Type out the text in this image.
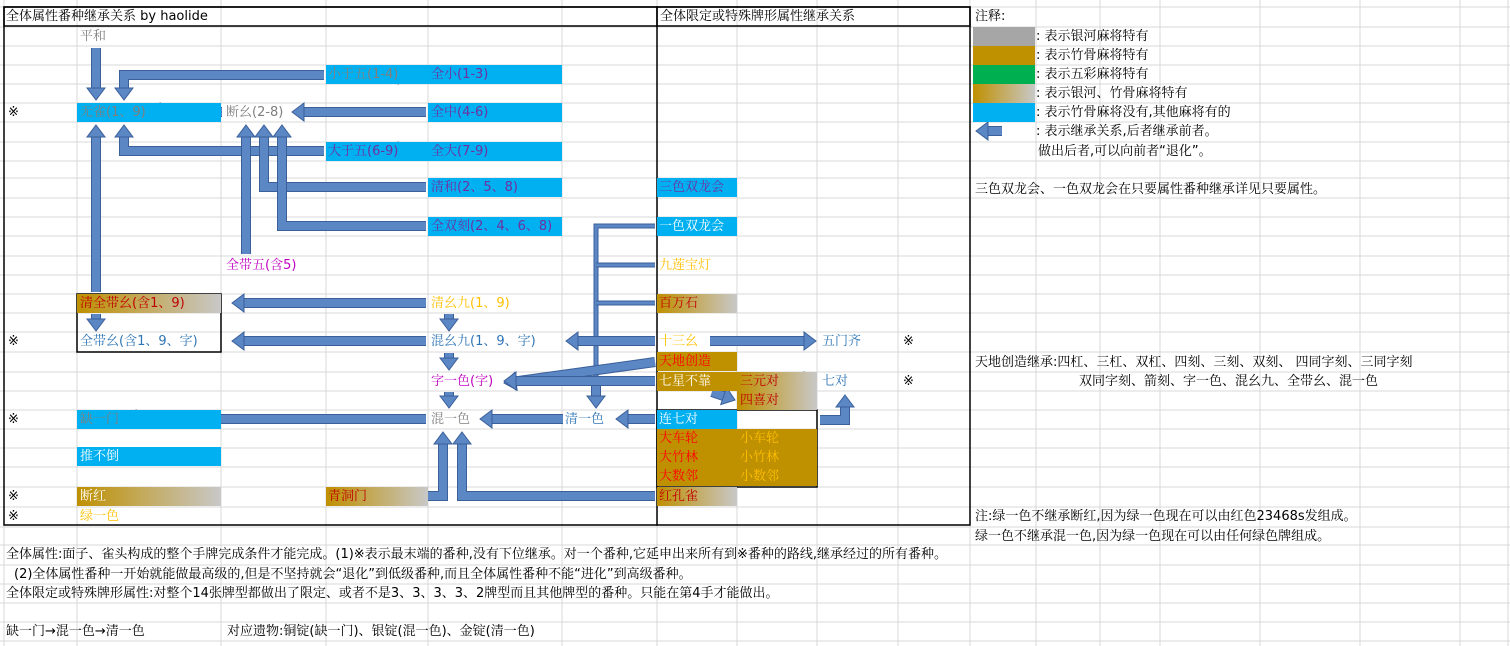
全体属性番种继承关系 by haolide	全体限定或特殊牌形属性继承关系	注释:
: 表示银河麻将特有
: 表示竹骨麻将特有
: 表示五彩麻将特有
: 表示银河、竹骨麻将特有
: 表示竹骨麻将没有,其他麻将有的
: 表示继承关系,后者继承前者。
做出后者,可以向前者“退化”。
平和
无雀(1、9)	断幺(2-8)
小于五(1-4)	全小(1-3)
全中(4-6)
大于五(6-9)	全大(7-9)
清和(2、5、8)
全双刻(2、4、6、8)
全带五(含5)
清全带幺(含1、9)	清幺九(1、9)
※	全带幺(含1、9、字)	混幺九(1、9、字)
字一色(字)
※	缺一门	混一色	清一色
推不倒
※	断红	青洞门
※	绿一色
※
三色双龙会
一色双龙会
九莲宝灯
百万石
十三幺	五门齐	※
天地创造
七星不靠 三元对	七对	※
四喜对
连七对
大车轮	小车轮
大竹林	小竹林
大数邻	小数邻
红孔雀
三色双龙会、一色双龙会在只要属性番种继承详见只要属性。
天地创造继承:四杠、三杠、双杠、四刻、三刻、双刻、 四同字刻、三同字刻
双同字刻、箭刻、字一色、混幺九、全带幺、混一色
注:绿一色不继承断红,因为绿一色现在可以由红色23468s发组成。
绿一色不继承混一色,因为绿一色现在可以由任何绿色牌组成。
全体属性:面子、雀头构成的整个手牌完成条件才能完成。(1)※表示最末端的番种,没有下位继承。对一个番种,它延申出来所有到※番种的路线,继承经过的所有番种。
(2)全体属性番种一开始就能做最高级的,但是不坚持就会“退化”到低级番种,而且全体属性番种不能“进化”到高级番种。
全体限定或特殊牌形属性:对整个14张牌型都做出了限定、或者不是3、3、3、3、2牌型而且其他牌型的番种。只能在第4手才能做出。
缺一门→混一色→清一色	对应遗物:铜锭(缺一门)、银锭(混一色)、金锭(清一色)
